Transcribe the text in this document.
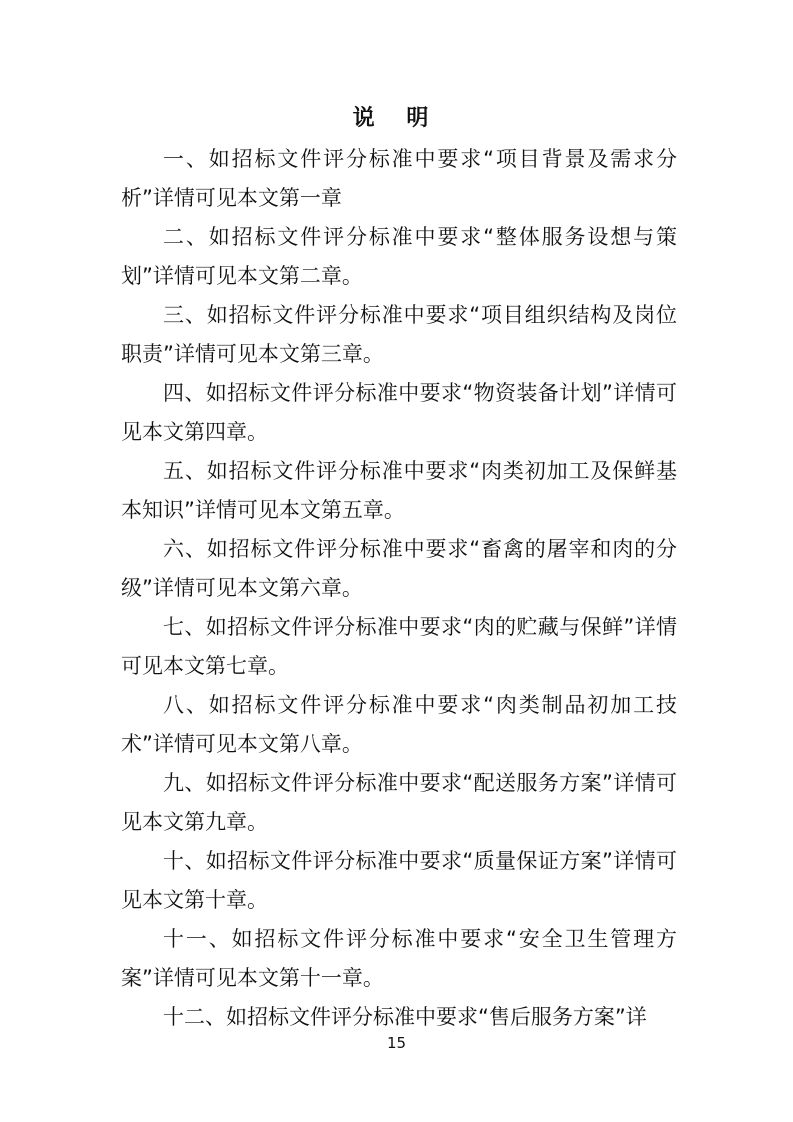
说 明

一、如招标文件评分标准中要求“项目背景及需求分析”详情可见本文第一章

二、如招标文件评分标准中要求“整体服务设想与策划”详情可见本文第二章。

三、如招标文件评分标准中要求“项目组织结构及岗位职责”详情可见本文第三章。

四、如招标文件评分标准中要求“物资装备计划”详情可见本文第四章。

五、如招标文件评分标准中要求“肉类初加工及保鲜基本知识”详情可见本文第五章。

六、如招标文件评分标准中要求“畜禽的屠宰和肉的分级”详情可见本文第六章。

七、如招标文件评分标准中要求“肉的贮藏与保鲜”详情可见本文第七章。

八、如招标文件评分标准中要求“肉类制品初加工技术”详情可见本文第八章。

九、如招标文件评分标准中要求“配送服务方案”详情可见本文第九章。

十、如招标文件评分标准中要求“质量保证方案”详情可见本文第十章。

十一、如招标文件评分标准中要求“安全卫生管理方案”详情可见本文第十一章。

十二、如招标文件评分标准中要求“售后服务方案”详

15
